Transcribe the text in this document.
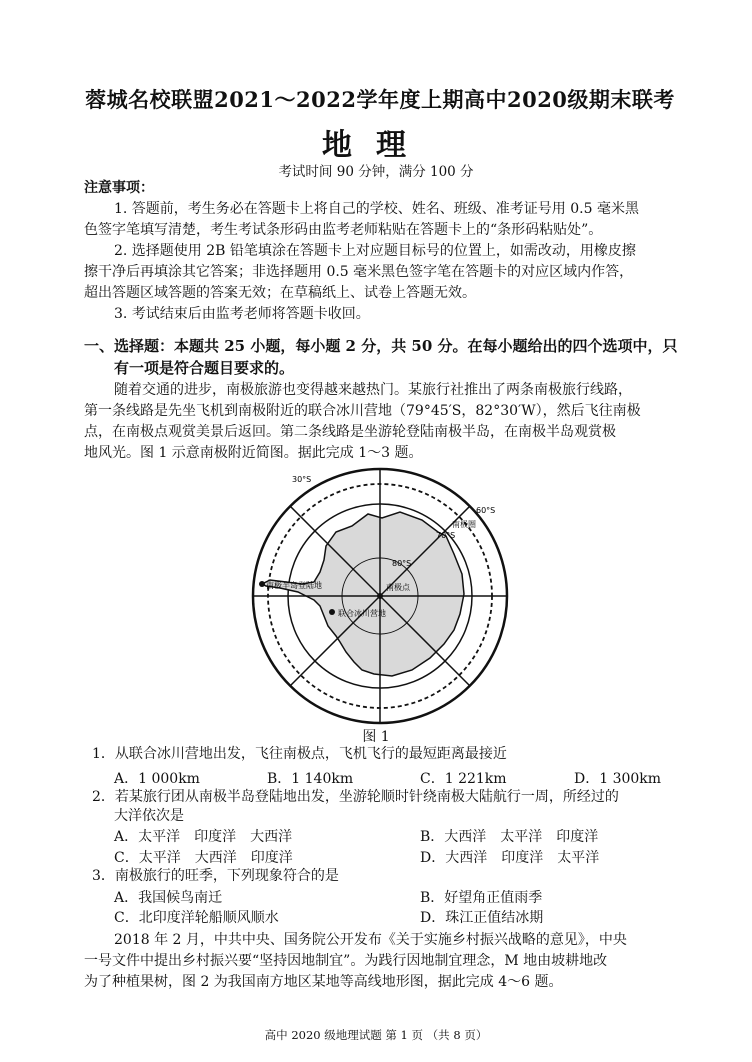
蓉城名校联盟2021～2022学年度上期高中2020级期末联考
地理
考试时间 90 分钟，满分 100 分
注意事项：
1. 答题前，考生务必在答题卡上将自己的学校、姓名、班级、准考证号用 0.5 毫米黑
色签字笔填写清楚，考生考试条形码由监考老师粘贴在答题卡上的“条形码粘贴处”。
2. 选择题使用 2B 铅笔填涂在答题卡上对应题目标号的位置上，如需改动，用橡皮擦
擦干净后再填涂其它答案；非选择题用 0.5 毫米黑色签字笔在答题卡的对应区域内作答，
超出答题区域答题的答案无效；在草稿纸上、试卷上答题无效。
3. 考试结束后由监考老师将答题卡收回。
一、选择题：本题共 25 小题，每小题 2 分，共 50 分。在每小题给出的四个选项中，只
有一项是符合题目要求的。
随着交通的进步，南极旅游也变得越来越热门。某旅行社推出了两条南极旅行线路，
第一条线路是先坐飞机到南极附近的联合冰川营地（79°45′S，82°30′W），然后飞往南极
点，在南极点观赏美景后返回。第二条线路是坐游轮登陆南极半岛，在南极半岛观赏极
地风光。图 1 示意南极附近简图。据此完成 1～3 题。
30°S
60°S
70°S
80°S
南极点
南极半岛登陆地
联合冰川营地
南极圈
图 1
1．从联合冰川营地出发，飞往南极点，飞机飞行的最短距离最接近
A．1 000km	B．1 140km	C．1 221km	D．1 300km
2．若某旅行团从南极半岛登陆地出发，坐游轮顺时针绕南极大陆航行一周，所经过的
大洋依次是
A．太平洋　印度洋　大西洋	B．大西洋　太平洋　印度洋
C．太平洋　大西洋　印度洋	D．大西洋　印度洋　太平洋
3．南极旅行的旺季，下列现象符合的是
A．我国候鸟南迁	B．好望角正值雨季
C．北印度洋轮船顺风顺水	D．珠江正值结冰期
2018 年 2 月，中共中央、国务院公开发布《关于实施乡村振兴战略的意见》，中央
一号文件中提出乡村振兴要“坚持因地制宜”。为践行因地制宜理念，M 地由坡耕地改
为了种植果树，图 2 为我国南方地区某地等高线地形图，据此完成 4～6 题。
高中 2020 级地理试题 第 1 页 （共 8 页）
